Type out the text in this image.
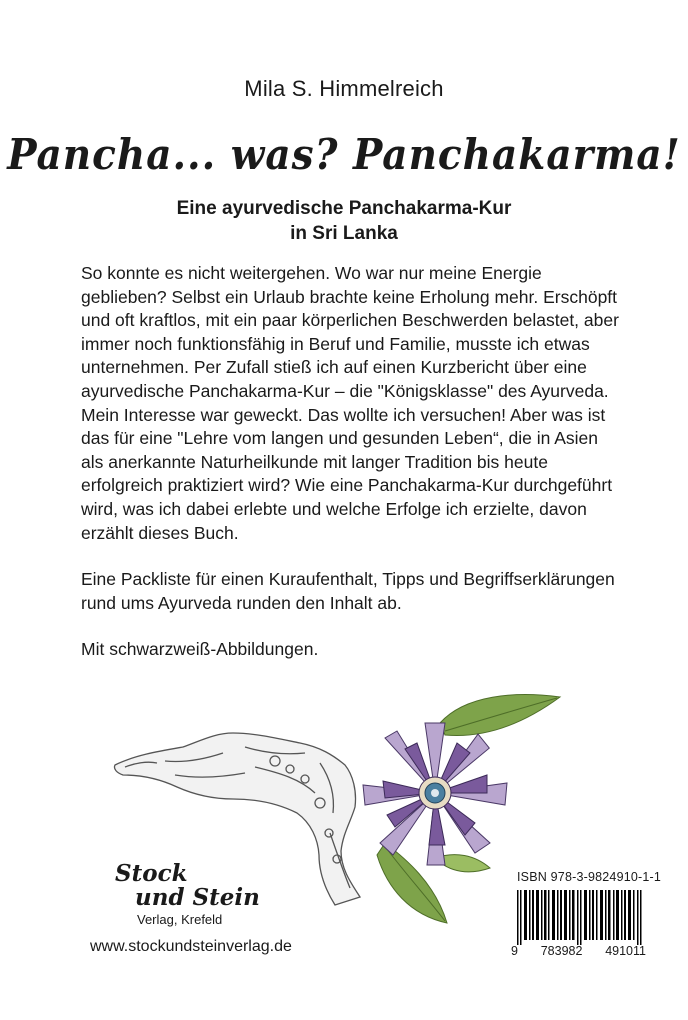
Mila S. Himmelreich
Pancha... was? Panchakarma!
Eine ayurvedische Panchakarma-Kur
in Sri Lanka

So konnte es nicht weitergehen. Wo war nur meine Energie geblieben? Selbst ein Urlaub brachte keine Erholung mehr. Erschöpft und oft kraftlos, mit ein paar körperlichen Beschwerden belastet, aber immer noch funktionsfähig in Beruf und Familie, musste ich etwas unternehmen. Per Zufall stieß ich auf einen Kurzbericht über eine ayurvedische Panchakarma-Kur – die "Königsklasse" des Ayurveda. Mein Interesse war geweckt. Das wollte ich versuchen! Aber was ist das für eine "Lehre vom langen und gesunden Leben“, die in Asien als anerkannte Naturheilkunde mit langer Tradition bis heute erfolgreich praktiziert wird? Wie eine Panchakarma-Kur durchgeführt wird, was ich dabei erlebte und welche Erfolge ich erzielte, davon erzählt dieses Buch.

Eine Packliste für einen Kuraufenthalt, Tipps und Begriffserklärungen rund ums Ayurveda runden den Inhalt ab.

Mit schwarzweiß-Abbildungen.

Stock
und Stein
Verlag, Krefeld
www.stockundsteinverlag.de
ISBN 978-3-9824910-1-1
9 783982 491011
